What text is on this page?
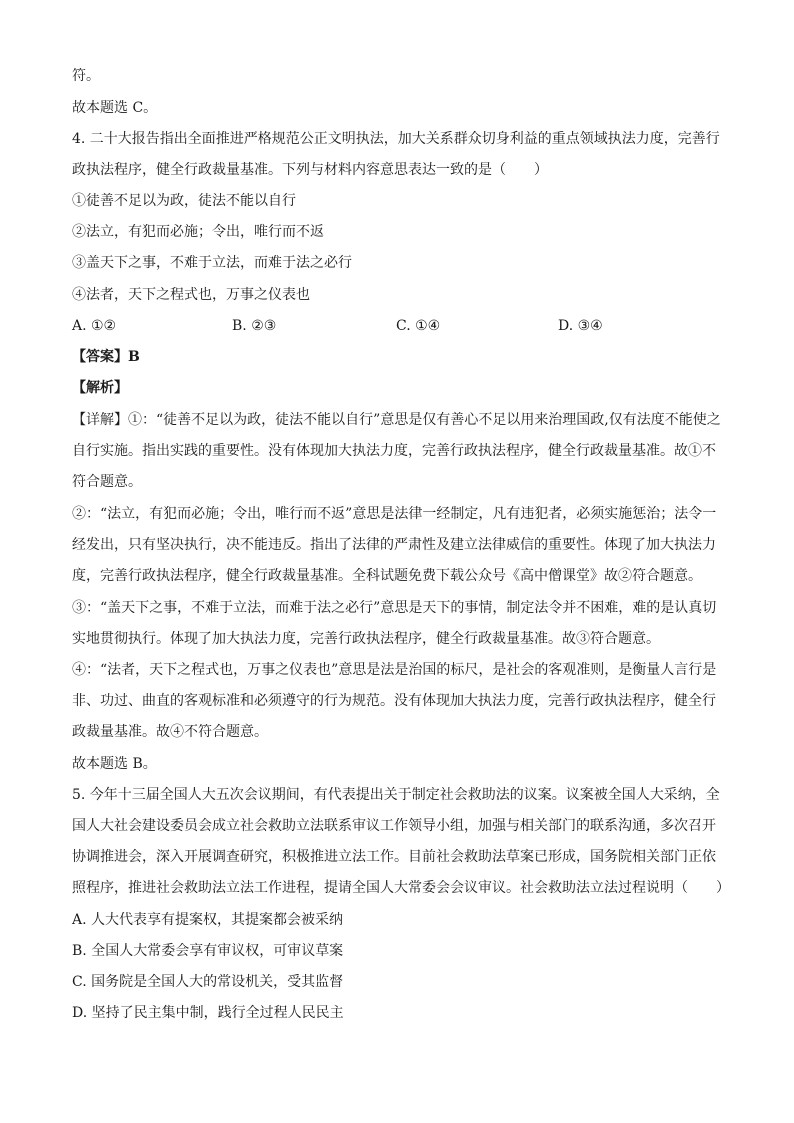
符。
故本题选 C。
4. 二十大报告指出全面推进严格规范公正文明执法，加大关系群众切身利益的重点领域执法力度，完善行
政执法程序，健全行政裁量基准。下列与材料内容意思表达一致的是（　　）
①徒善不足以为政，徒法不能以自行
②法立，有犯而必施；令出，唯行而不返
③盖天下之事，不难于立法，而难于法之必行
④法者，天下之程式也，万事之仪表也
A. ①②	B. ②③	C. ①④	D. ③④
【答案】B
【解析】
【详解】①：“徒善不足以为政，徒法不能以自行”意思是仅有善心不足以用来治理国政,仅有法度不能使之
自行实施。指出实践的重要性。没有体现加大执法力度，完善行政执法程序，健全行政裁量基准。故①不
符合题意。
②：“法立，有犯而必施；令出，唯行而不返”意思是法律一经制定，凡有违犯者，必须实施惩治；法令一
经发出，只有坚决执行，决不能违反。指出了法律的严肃性及建立法律威信的重要性。体现了加大执法力
度，完善行政执法程序，健全行政裁量基准。全科试题免费下载公众号《高中僧课堂》故②符合题意。
③：“盖天下之事，不难于立法，而难于法之必行”意思是天下的事情，制定法令并不困难，难的是认真切
实地贯彻执行。体现了加大执法力度，完善行政执法程序，健全行政裁量基准。故③符合题意。
④：“法者，天下之程式也，万事之仪表也”意思是法是治国的标尺，是社会的客观准则，是衡量人言行是
非、功过、曲直的客观标准和必须遵守的行为规范。没有体现加大执法力度，完善行政执法程序，健全行
政裁量基准。故④不符合题意。
故本题选 B。
5. 今年十三届全国人大五次会议期间，有代表提出关于制定社会救助法的议案。议案被全国人大采纳，全
国人大社会建设委员会成立社会救助立法联系审议工作领导小组，加强与相关部门的联系沟通，多次召开
协调推进会，深入开展调查研究，积极推进立法工作。目前社会救助法草案已形成，国务院相关部门正依
照程序，推进社会救助法立法工作进程，提请全国人大常委会会议审议。社会救助法立法过程说明（　　）
A. 人大代表享有提案权，其提案都会被采纳
B. 全国人大常委会享有审议权，可审议草案
C. 国务院是全国人大的常设机关，受其监督
D. 坚持了民主集中制，践行全过程人民民主
